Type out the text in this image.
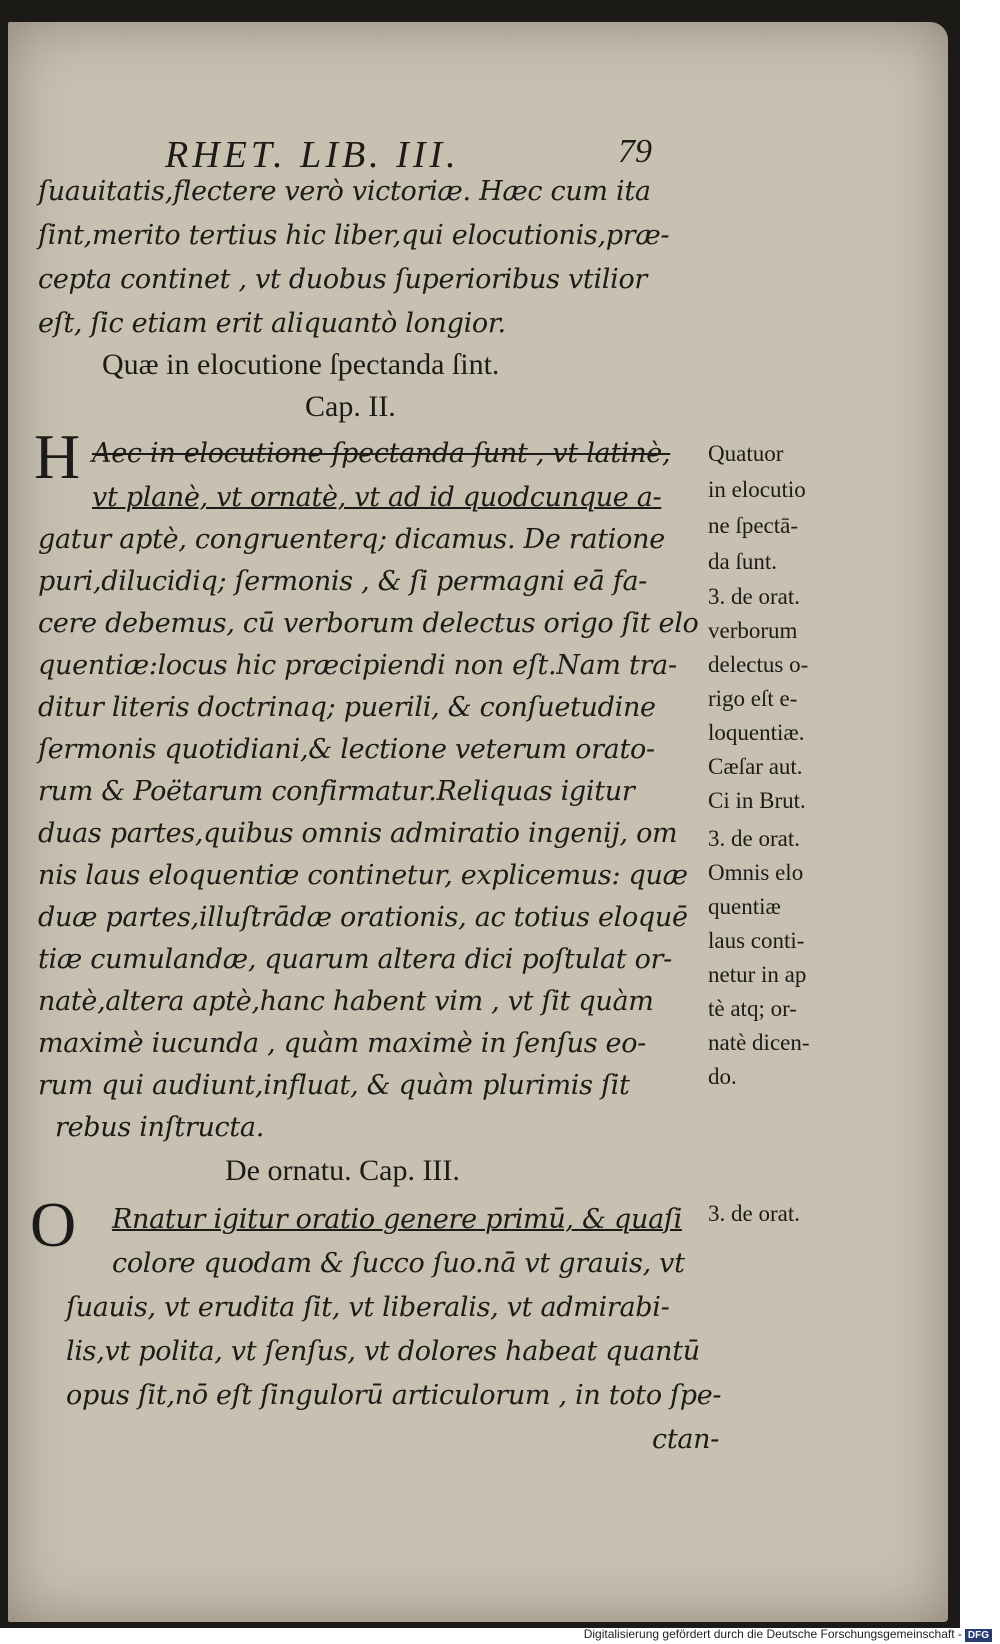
RHET. LIB. III.	79
ſuauitatis,flectere verò victoriæ. Hæc cum ita
ſint,merito tertius hic liber,qui elocutionis,præ-
cepta continet , vt duobus ſuperioribus vtilior
eſt, ſic etiam erit aliquantò longior.
Quæ in elocutione ſpectanda ſint.
Cap. II.
H Aec in elocutione ſpectanda ſunt , vt latinè,
vt planè, vt ornatè, vt ad id quodcunque a-
gatur aptè, congruenterq; dicamus. De ratione
puri,dilucidiq; ſermonis , & ſi permagni eā fa-
cere debemus, cū verborum delectus origo ſit elo
quentiæ:locus hic præcipiendi non eſt.Nam tra-
ditur literis doctrinaq; puerili, & conſuetudine
ſermonis quotidiani,& lectione veterum orato-
rum & Poëtarum confirmatur.Reliquas igitur
duas partes,quibus omnis admiratio ingenij, om
nis laus eloquentiæ continetur, explicemus: quæ
duæ partes,illuſtrādæ orationis, ac totius eloquē
tiæ cumulandæ, quarum altera dici poſtulat or-
natè,altera aptè,hanc habent vim , vt ſit quàm
maximè iucunda , quàm maximè in ſenſus eo-
rum qui audiunt,influat, & quàm plurimis ſit
rebus inſtructa.
De ornatu. Cap. III.
O Rnatur igitur oratio genere primū, & quaſi
colore quodam & ſucco ſuo.nā vt grauis, vt
ſuauis, vt erudita ſit, vt liberalis, vt admirabi-
lis,vt polita, vt ſenſus, vt dolores habeat quantū
opus ſit,nō eſt ſingulorū articulorum , in toto ſpe-
ctan-
Quatuor
in elocutio
ne ſpectā-
da ſunt.
3. de orat.
verborum
delectus o-
rigo eſt e-
loquentiæ.
Cæſar aut.
Ci in Brut.
3. de orat.
Omnis elo
quentiæ
laus conti-
netur in ap
tè atq; or-
natè dicen-
do.
3. de orat.
Digitalisierung gefördert durch die Deutsche Forschungsgemeinschaft - DFG
